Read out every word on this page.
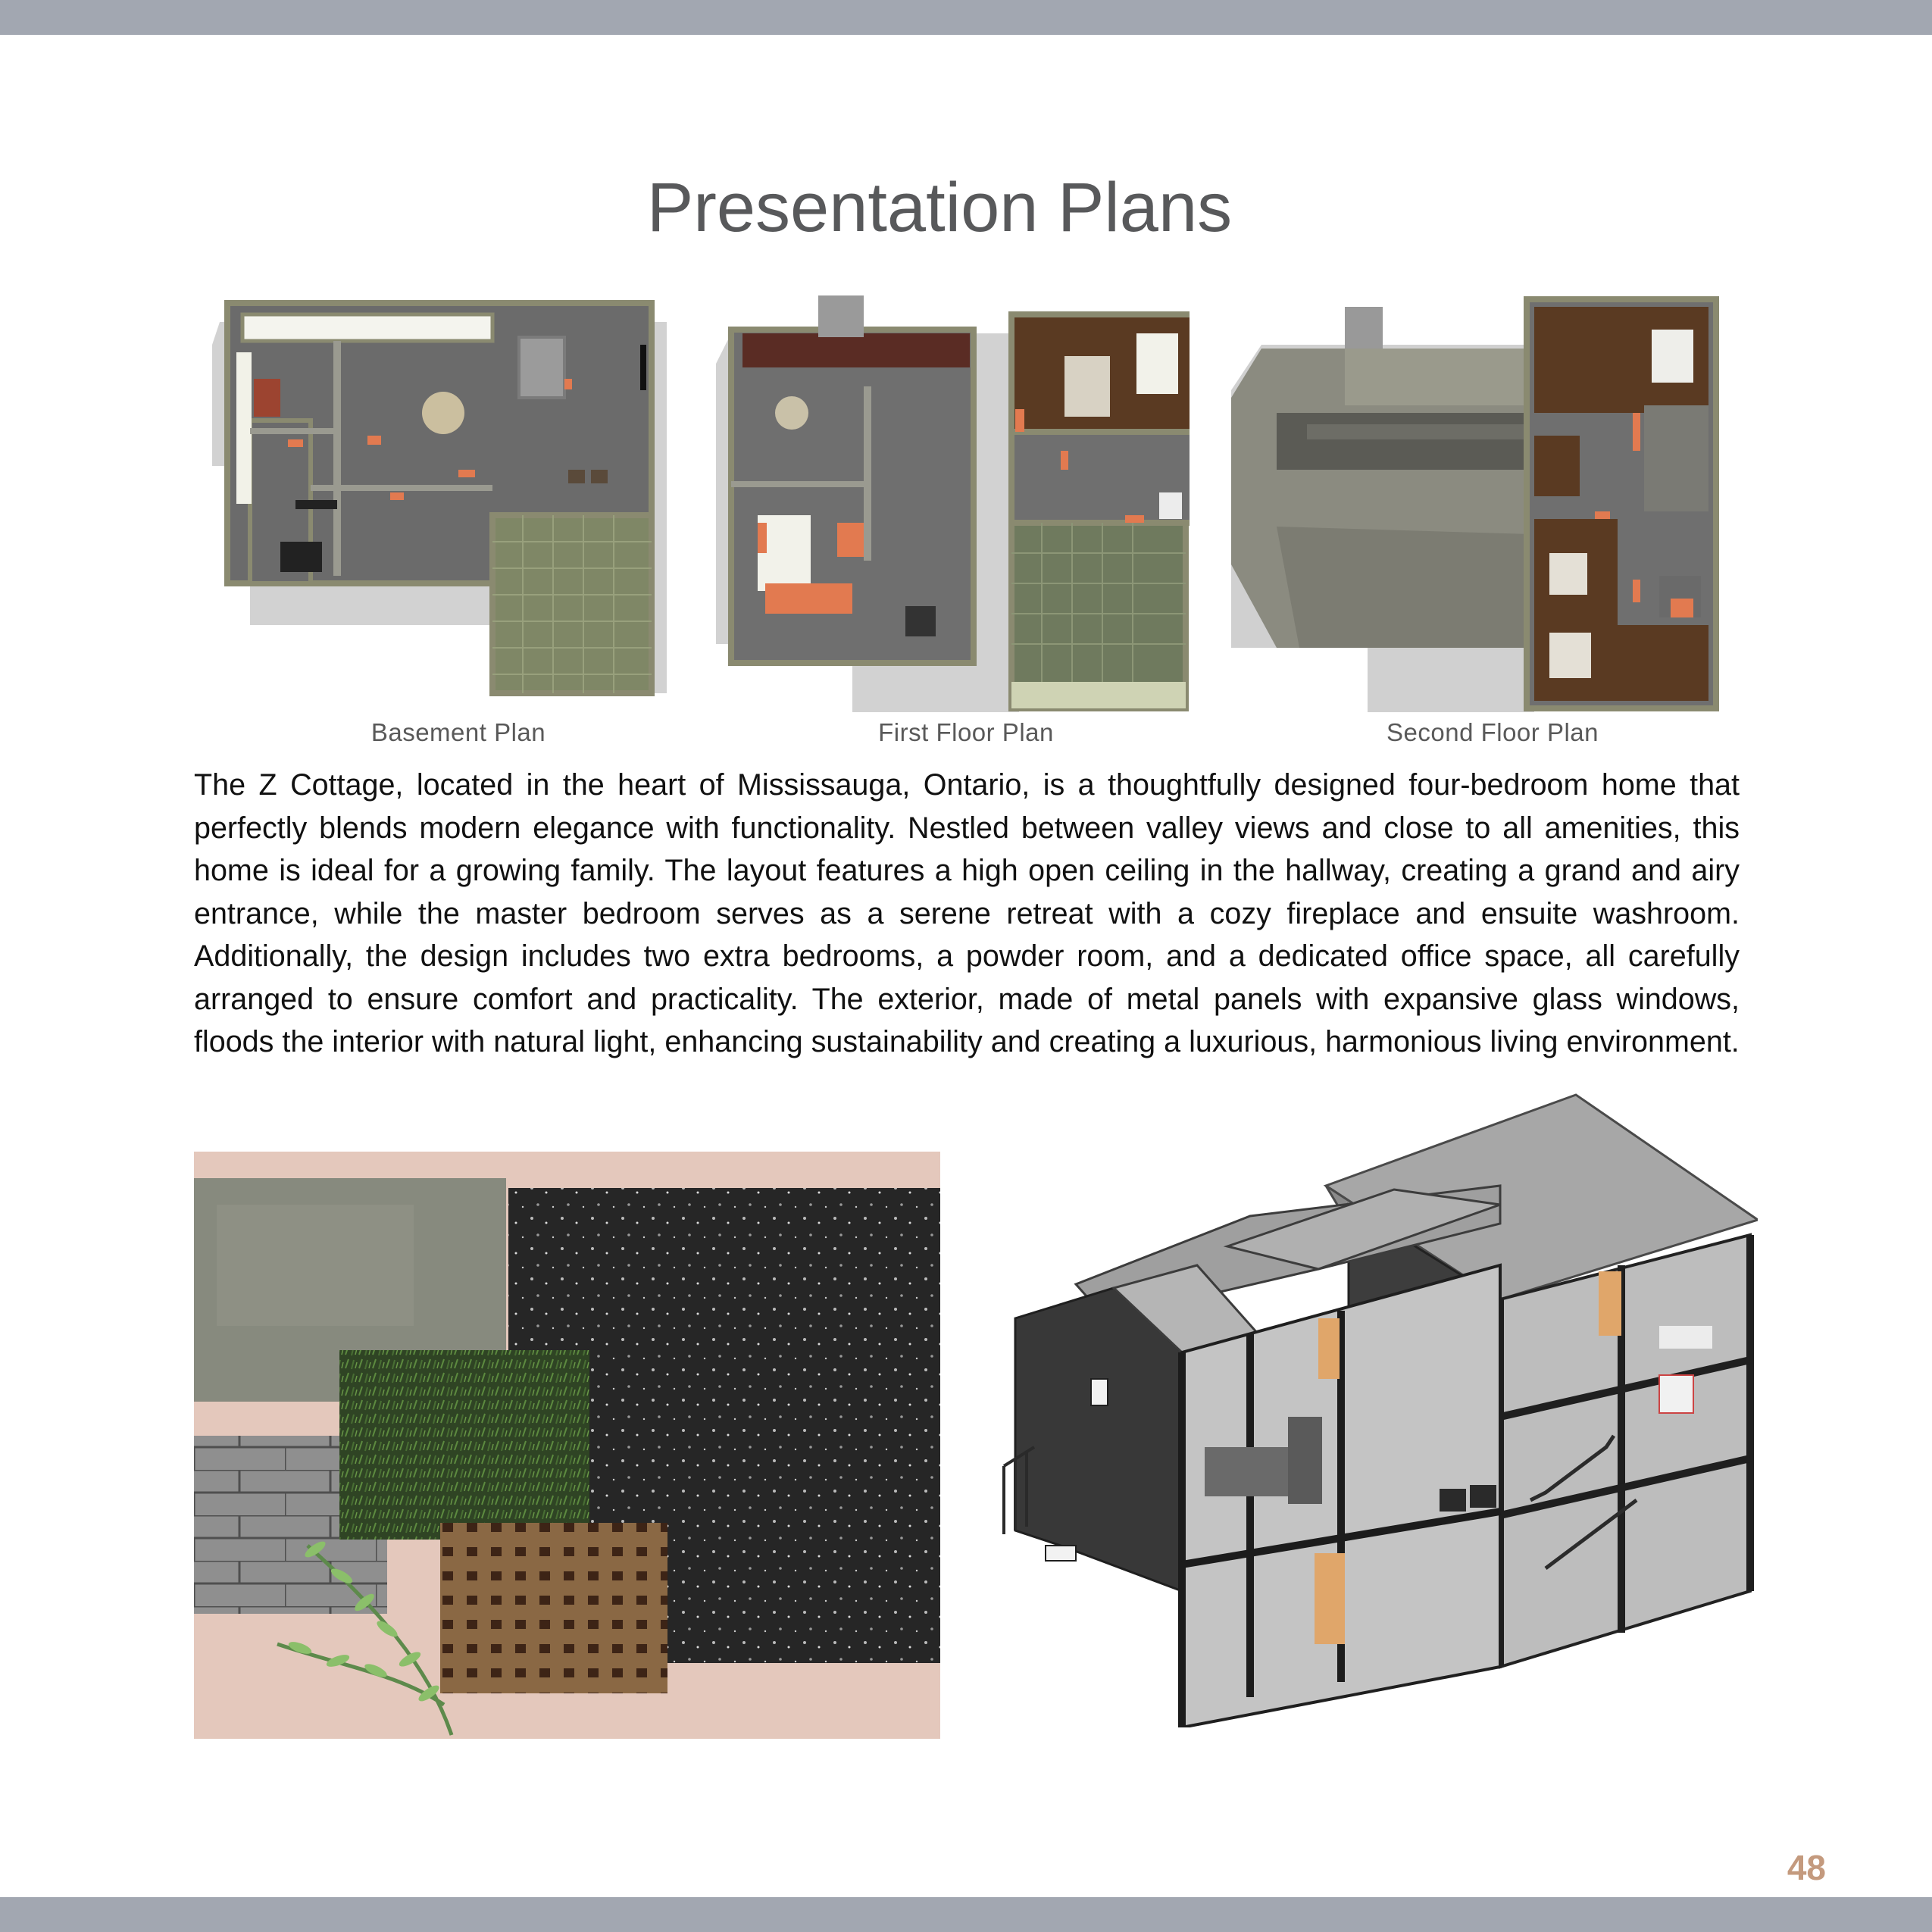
Presentation Plans
Basement Plan	First Floor Plan	Second Floor Plan

The Z Cottage, located in the heart of Mississauga, Ontario, is a thoughtfully designed four-bedroom home that perfectly blends modern elegance with functionality. Nestled between valley views and close to all amenities, this home is ideal for a growing family. The layout features a high open ceiling in the hallway, creating a grand and airy entrance, while the master bedroom serves as a serene retreat with a cozy fireplace and ensuite washroom. Additionally, the design includes two extra bedrooms, a powder room, and a dedicated office space, all carefully arranged to ensure comfort and practicality. The exterior, made of metal panels with expansive glass windows, floods the interior with natural light, enhancing sustainability and creating a luxurious, harmonious living environment.

48
